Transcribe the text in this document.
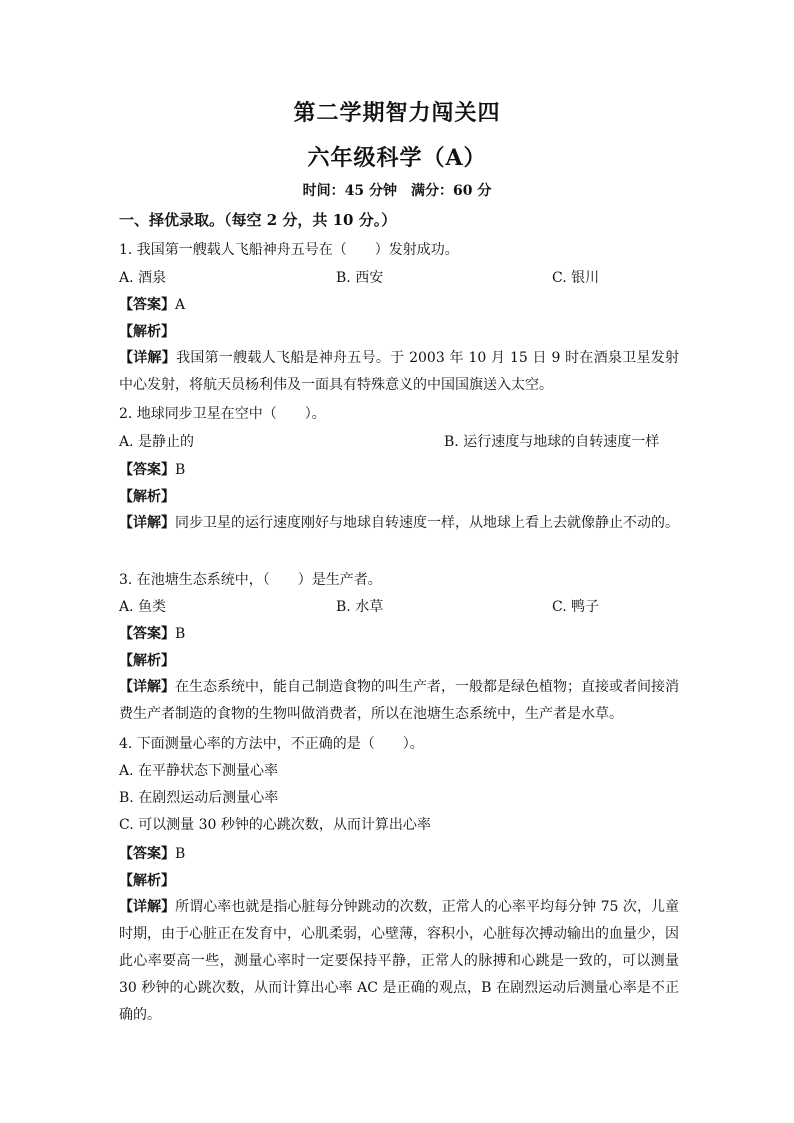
第二学期智力闯关四
六年级科学（A）
时间：45 分钟　满分：60 分
一、择优录取。（每空 2 分，共 10 分。）
1. 我国第一艘载人飞船神舟五号在（　　）发射成功。
A. 酒泉	B. 西安	C. 银川
【答案】A
【解析】
【详解】我国第一艘载人飞船是神舟五号。于 2003 年 10 月 15 日 9 时在酒泉卫星发射中心发射，将航天员杨利伟及一面具有特殊意义的中国国旗送入太空。
2. 地球同步卫星在空中（　　）。
A. 是静止的	B. 运行速度与地球的自转速度一样
【答案】B
【解析】
【详解】同步卫星的运行速度刚好与地球自转速度一样，从地球上看上去就像静止不动的。
3. 在池塘生态系统中，（　　）是生产者。
A. 鱼类	B. 水草	C. 鸭子
【答案】B
【解析】
【详解】在生态系统中，能自己制造食物的叫生产者，一般都是绿色植物；直接或者间接消费生产者制造的食物的生物叫做消费者，所以在池塘生态系统中，生产者是水草。
4. 下面测量心率的方法中，不正确的是（　　）。
A. 在平静状态下测量心率
B. 在剧烈运动后测量心率
C. 可以测量 30 秒钟的心跳次数，从而计算出心率
【答案】B
【解析】
【详解】所谓心率也就是指心脏每分钟跳动的次数，正常人的心率平均每分钟 75 次，儿童时期，由于心脏正在发育中，心肌柔弱，心壁薄，容积小，心脏每次搏动输出的血量少，因此心率要高一些，测量心率时一定要保持平静，正常人的脉搏和心跳是一致的，可以测量 30 秒钟的心跳次数，从而计算出心率 AC 是正确的观点，B 在剧烈运动后测量心率是不正确的。
